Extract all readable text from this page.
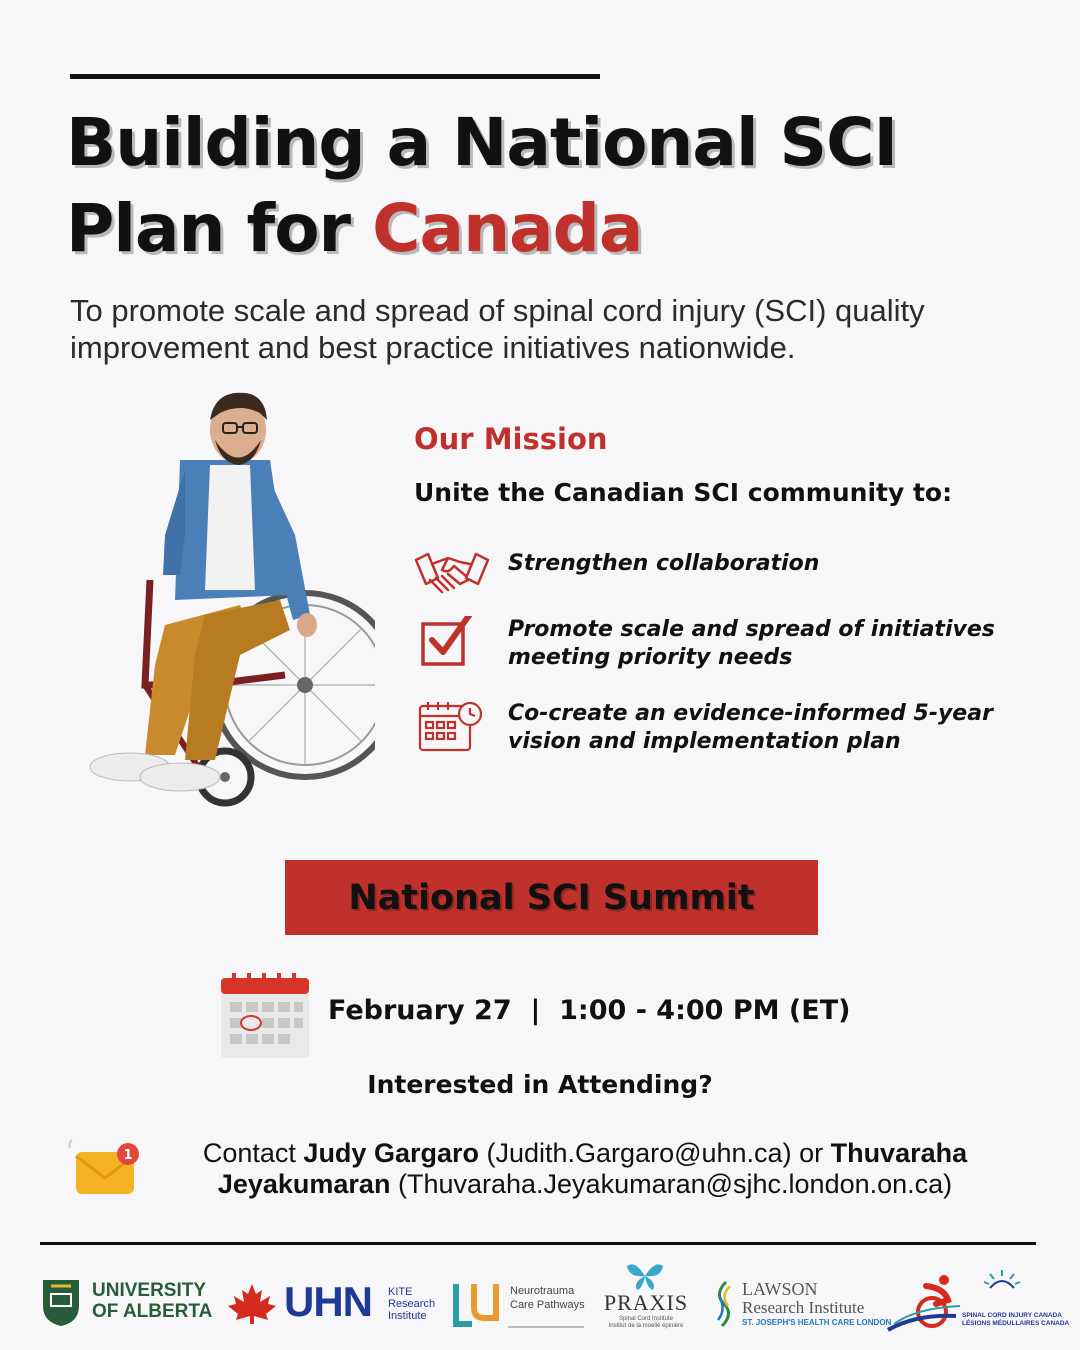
Building a National SCI
Plan for Canada

To promote scale and spread of spinal cord injury (SCI) quality improvement and best practice initiatives nationwide.

Our Mission

Unite the Canadian SCI community to:

Strengthen collaboration

Promote scale and spread of initiatives meeting priority needs

Co-create an evidence-informed 5-year vision and implementation plan

National SCI Summit
February 27 | 1:00 - 4:00 PM (ET)

Interested in Attending?

1	Contact Judy Gargaro (Judith.Gargaro@uhn.ca) or Thuvaraha Jeyakumaran (Thuvaraha.Jeyakumaran@sjhc.london.on.ca)

UNIVERSITY
OF ALBERTA UHN KITE
Research
Institute
Neurotrauma
Care Pathways PRAXIS
Spinal Cord Institute
Institut de la moelle épinière
LAWSON
Research Institute
ST. JOSEPH'S HEALTH CARE LONDON
SPINAL CORD INJURY CANADA
LÉSIONS MÉDULLAIRES CANADA
